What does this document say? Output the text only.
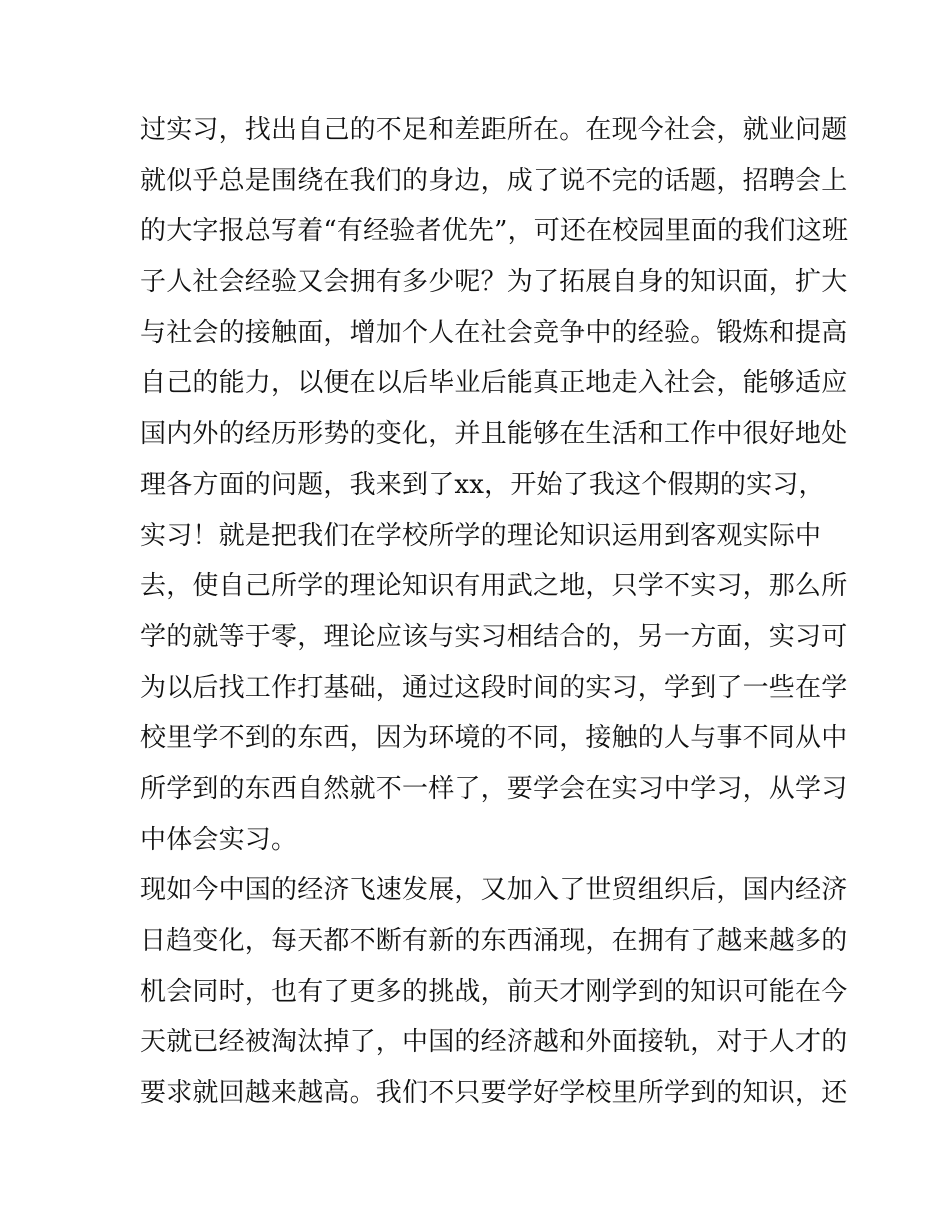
过实习，找出自己的不足和差距所在。在现今社会，就业问题
就似乎总是围绕在我们的身边，成了说不完的话题，招聘会上
的大字报总写着“有经验者优先”，可还在校园里面的我们这班
子人社会经验又会拥有多少呢？为了拓展自身的知识面，扩大
与社会的接触面，增加个人在社会竞争中的经验。锻炼和提高
自己的能力，以便在以后毕业后能真正地走入社会，能够适应
国内外的经历形势的变化，并且能够在生活和工作中很好地处
理各方面的问题，我来到了xx，开始了我这个假期的实习，
实习！就是把我们在学校所学的理论知识运用到客观实际中
去，使自己所学的理论知识有用武之地，只学不实习，那么所
学的就等于零，理论应该与实习相结合的，另一方面，实习可
为以后找工作打基础，通过这段时间的实习，学到了一些在学
校里学不到的东西，因为环境的不同，接触的人与事不同从中
所学到的东西自然就不一样了，要学会在实习中学习，从学习
中体会实习。
现如今中国的经济飞速发展，又加入了世贸组织后，国内经济
日趋变化，每天都不断有新的东西涌现，在拥有了越来越多的
机会同时，也有了更多的挑战，前天才刚学到的知识可能在今
天就已经被淘汰掉了，中国的经济越和外面接轨，对于人才的
要求就回越来越高。我们不只要学好学校里所学到的知识，还
